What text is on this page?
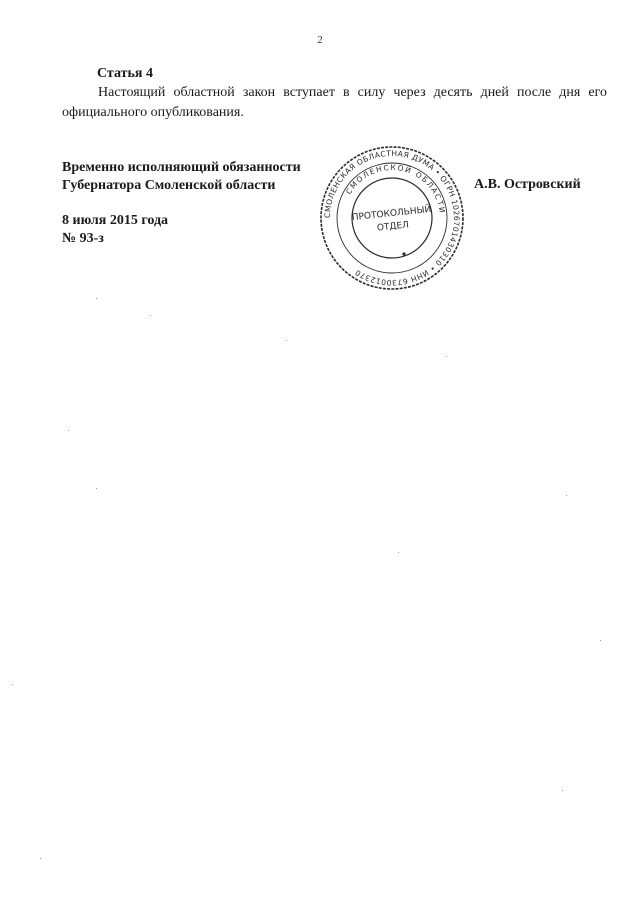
2
Статья 4
Настоящий областной закон вступает в силу через десять дней после дня его официального опубликования.
Временно исполняющий обязанности
Губернатора Смоленской области	А.В. Островский
8 июля 2015 года
№ 93-з
СМОЛЕНСКАЯ ОБЛАСТНАЯ ДУМА • ОГРН 1026701430310 • ИНН 6730012370
СМОЛЕНСКОЙ ОБЛАСТИ
ПРОТОКОЛЬНЫЙ
ОТДЕЛ
